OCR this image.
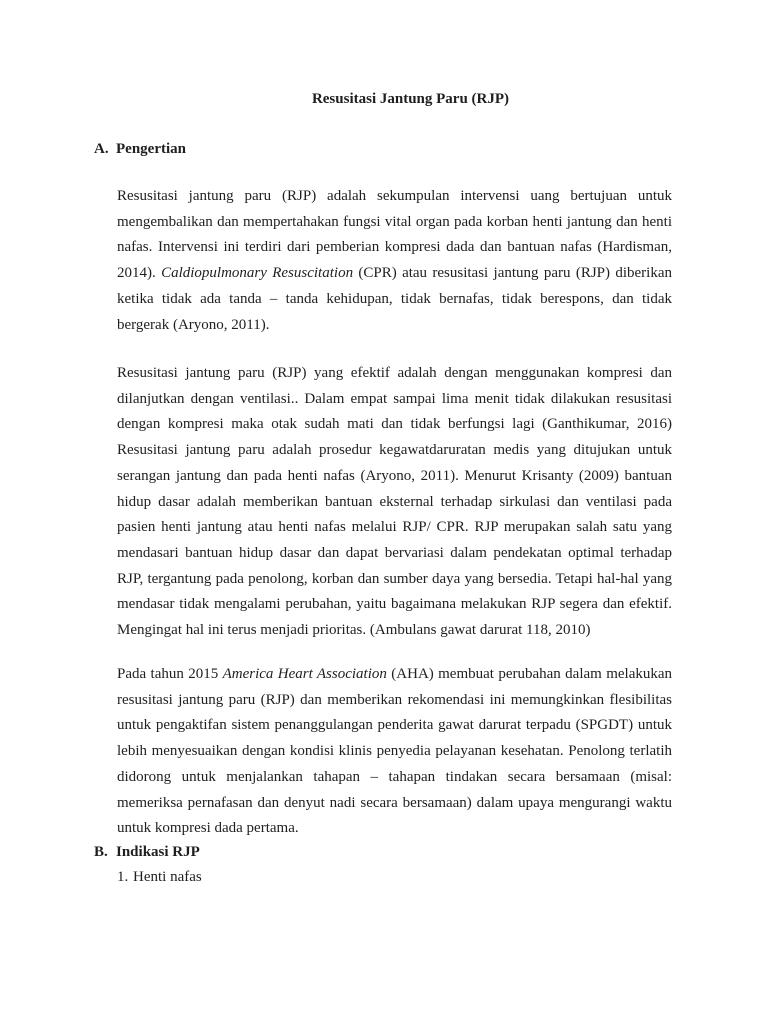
Resusitasi Jantung Paru (RJP)
A. Pengertian

Resusitasi jantung paru (RJP) adalah sekumpulan intervensi uang bertujuan untuk mengembalikan dan mempertahakan fungsi vital organ pada korban henti jantung dan henti nafas. Intervensi ini terdiri dari pemberian kompresi dada dan bantuan nafas (Hardisman, 2014). Caldiopulmonary Resuscitation (CPR) atau resusitasi jantung paru (RJP) diberikan ketika tidak ada tanda – tanda kehidupan, tidak bernafas, tidak berespons, dan tidak bergerak (Aryono, 2011).

Resusitasi jantung paru (RJP) yang efektif adalah dengan menggunakan kompresi dan dilanjutkan dengan ventilasi.. Dalam empat sampai lima menit tidak dilakukan resusitasi dengan kompresi maka otak sudah mati dan tidak berfungsi lagi (Ganthikumar, 2016) Resusitasi jantung paru adalah prosedur kegawatdaruratan medis yang ditujukan untuk serangan jantung dan pada henti nafas (Aryono, 2011). Menurut Krisanty (2009) bantuan hidup dasar adalah memberikan bantuan eksternal terhadap sirkulasi dan ventilasi pada pasien henti jantung atau henti nafas melalui RJP/ CPR. RJP merupakan salah satu yang mendasari bantuan hidup dasar dan dapat bervariasi dalam pendekatan optimal terhadap RJP, tergantung pada penolong, korban dan sumber daya yang bersedia. Tetapi hal-hal yang mendasar tidak mengalami perubahan, yaitu bagaimana melakukan RJP segera dan efektif. Mengingat hal ini terus menjadi prioritas. (Ambulans gawat darurat 118, 2010)

Pada tahun 2015 America Heart Association (AHA) membuat perubahan dalam melakukan resusitasi jantung paru (RJP) dan memberikan rekomendasi ini memungkinkan flesibilitas untuk pengaktifan sistem penanggulangan penderita gawat darurat terpadu (SPGDT) untuk lebih menyesuaikan dengan kondisi klinis penyedia pelayanan kesehatan. Penolong terlatih didorong untuk menjalankan tahapan – tahapan tindakan secara bersamaan (misal: memeriksa pernafasan dan denyut nadi secara bersamaan) dalam upaya mengurangi waktu untuk kompresi dada pertama.

B. Indikasi RJP
1. Henti nafas
